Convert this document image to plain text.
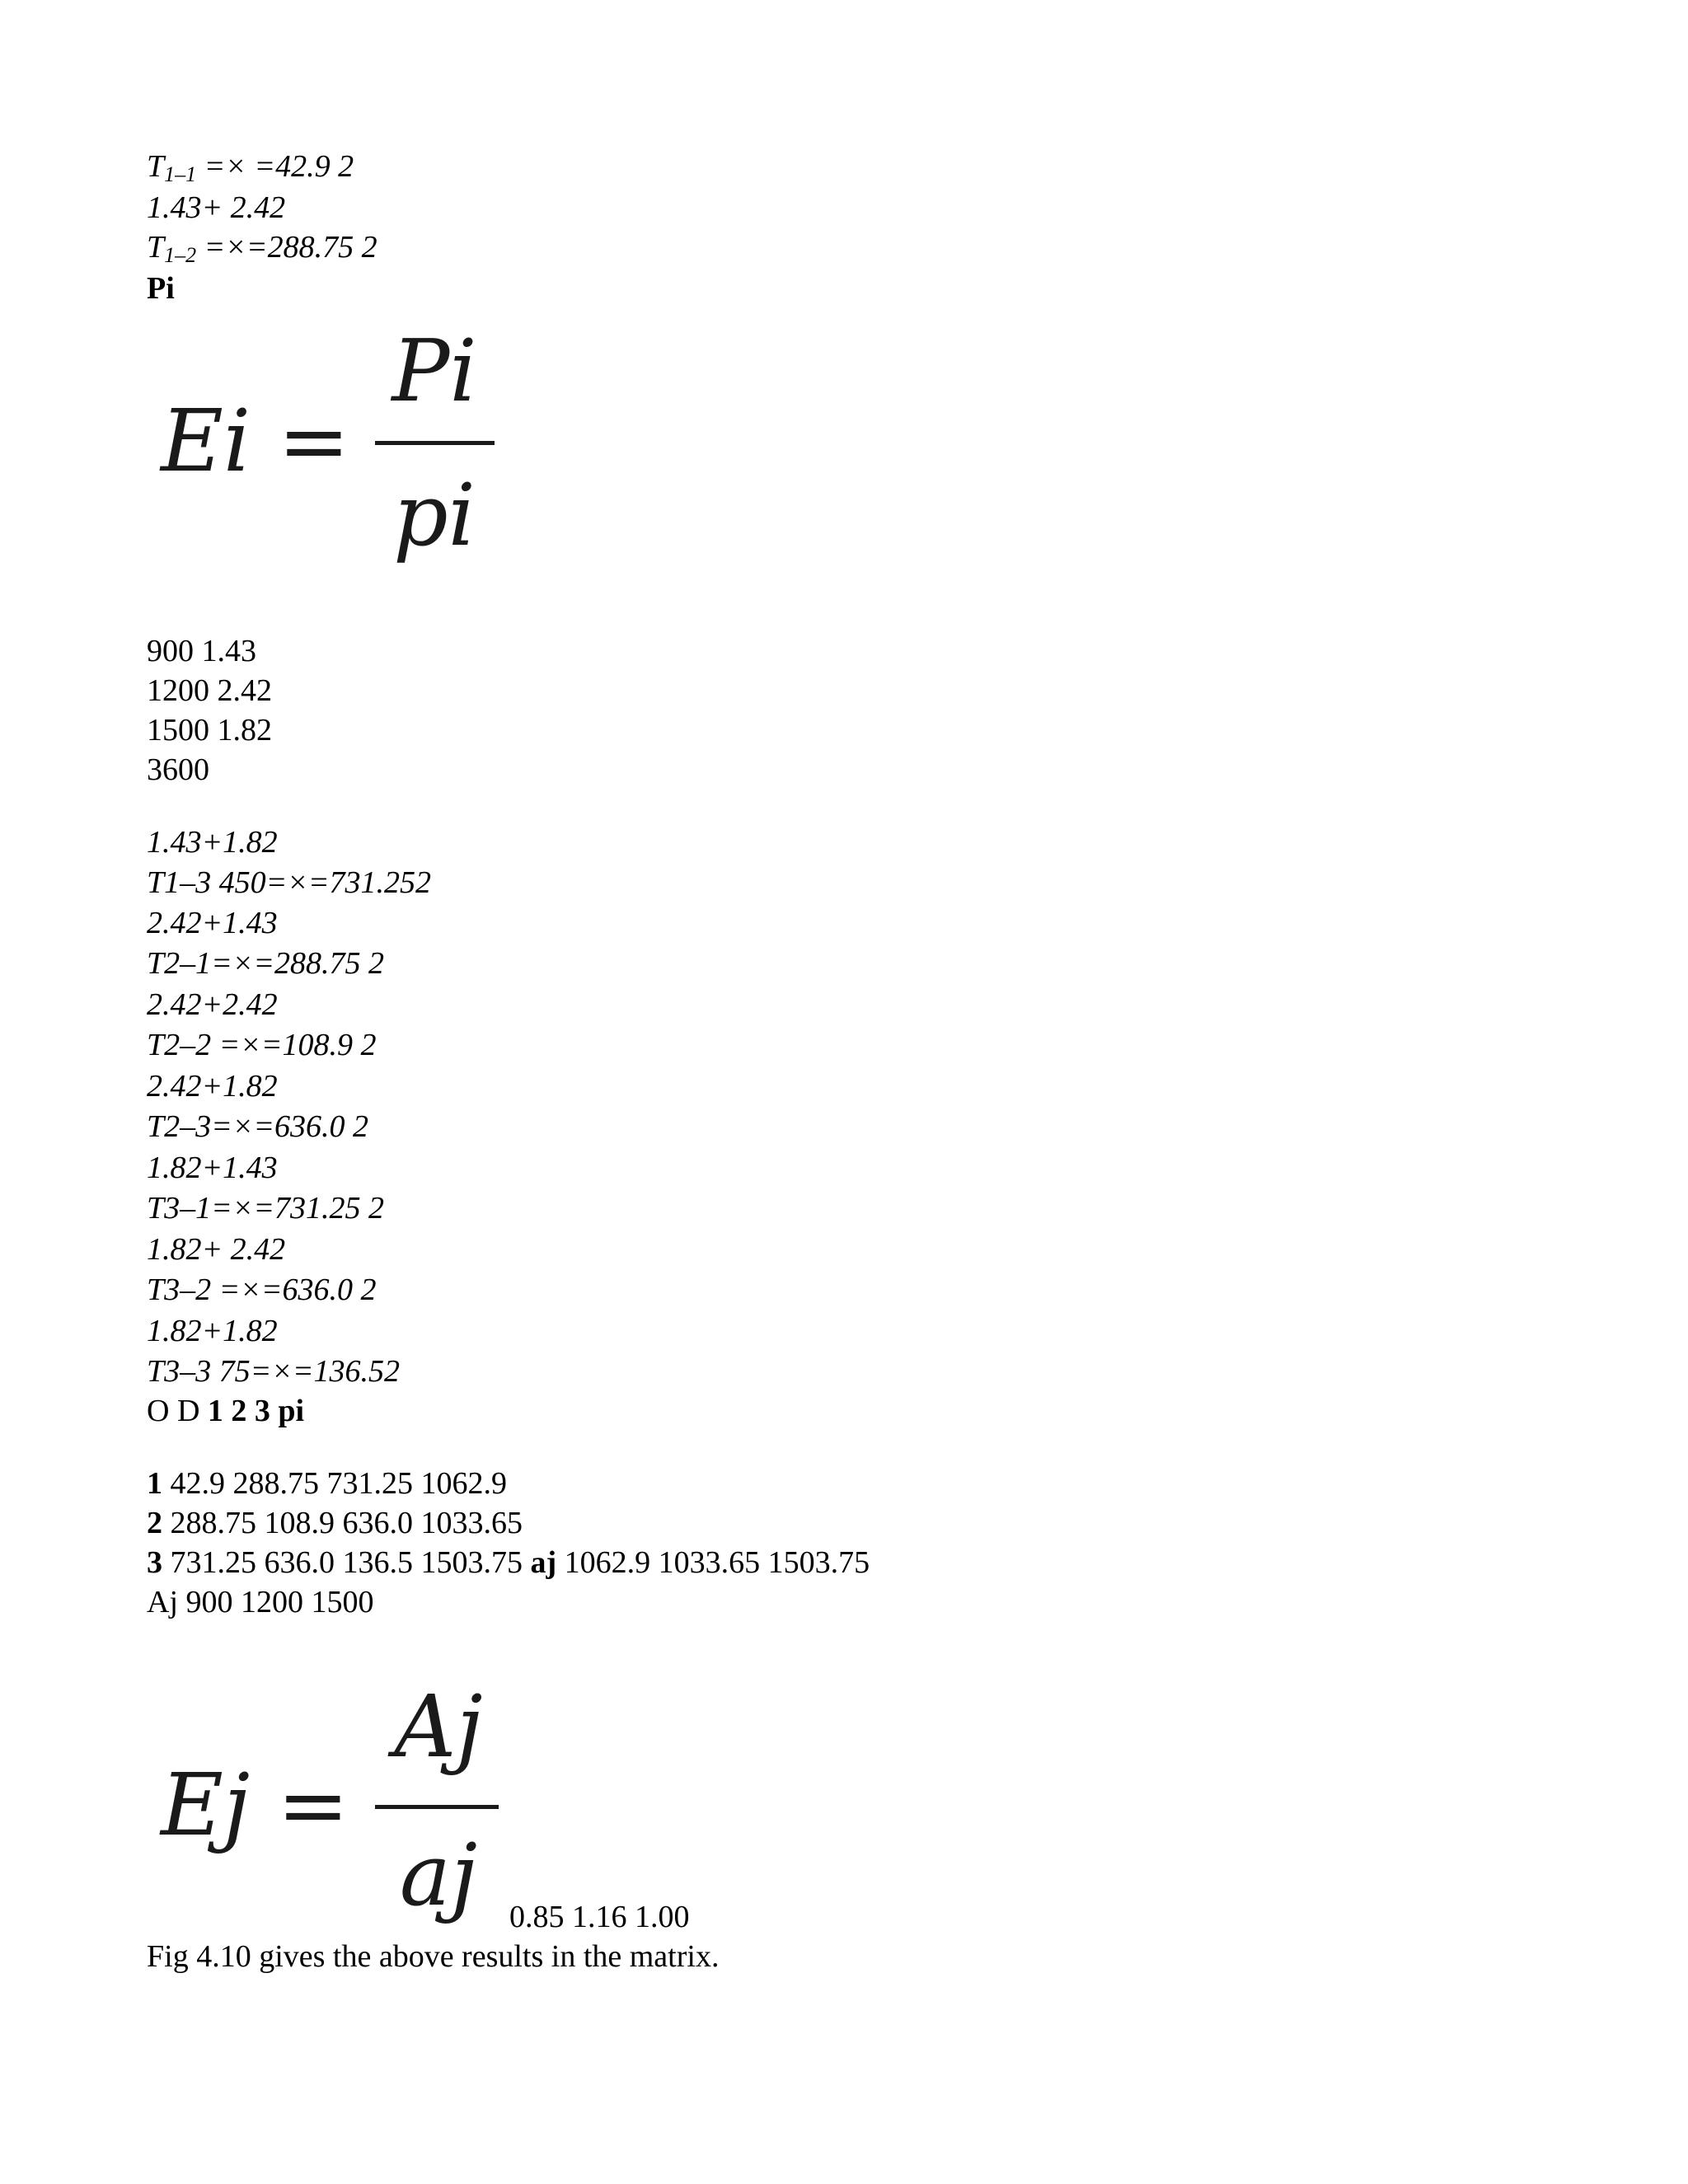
$T_{1-1} =\times =42.9$ 2
1.43+ 2.42
$T_{1-2} =\times=288.75$ 2
Pi
Ei =
Pi
pi
900 1.43
1200 2.42
1500 1.82
3600
1.43+1.82
T1–3 450=×=731.252
2.42+1.43
T2–1=×=288.75 2
2.42+2.42
T2–2 =×=108.9 2
2.42+1.82
T2–3=×=636.0 2
1.82+1.43
T3–1=×=731.25 2
1.82+ 2.42
T3–2 =×=636.0 2
1.82+1.82
T3–3 75=×=136.52
O D 1 2 3 pi
1 42.9 288.75 731.25 1062.9
2 288.75 108.9 636.0 1033.65
3 731.25 636.0 136.5 1503.75 aj 1062.9 1033.65 1503.75
Aj 900 1200 1500
Ej =
Aj
aj	0.85 1.16 1.00
Fig 4.10 gives the above results in the matrix.
